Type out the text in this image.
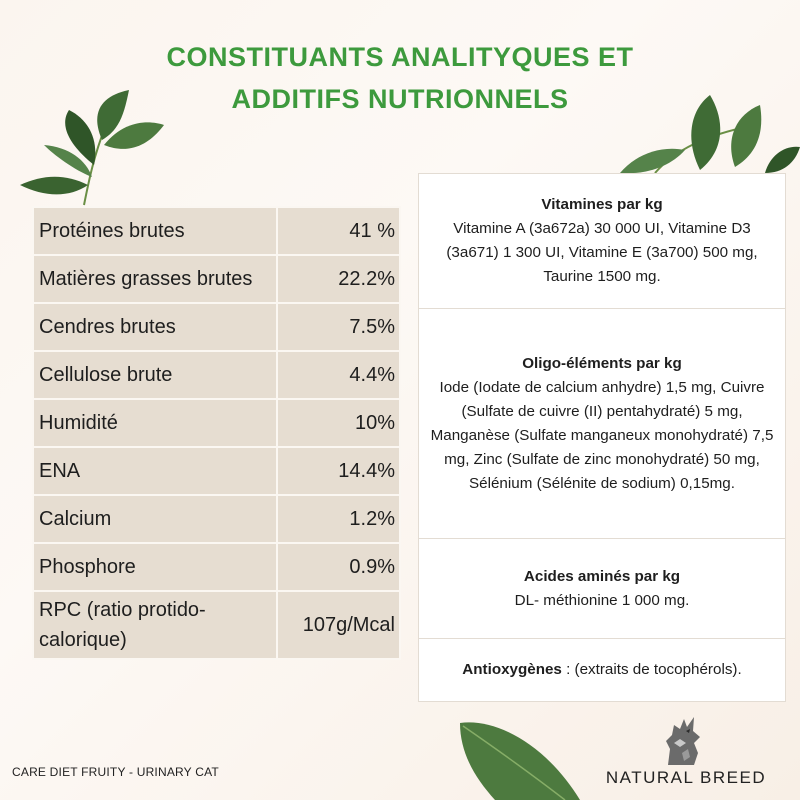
CONSTITUANTS ANALITYQUES ET
ADDITIFS NUTRIONNELS
Protéines brutes	41 %
Matières grasses brutes	22.2%
Cendres brutes	7.5%
Cellulose brute	4.4%
Humidité	10%
ENA	14.4%
Calcium	1.2%
Phosphore	0.9%
RPC (ratio protido-calorique)	107g/Mcal
Vitamines par kg
Vitamine A (3a672a) 30 000 UI, Vitamine D3 (3a671) 1 300 UI, Vitamine E (3a700) 500 mg, Taurine 1500 mg.
Oligo-éléments par kg
Iode (Iodate de calcium anhydre) 1,5 mg, Cuivre (Sulfate de cuivre (II) pentahydraté) 5 mg, Manganèse (Sulfate manganeux monohydraté) 7,5 mg, Zinc (Sulfate de zinc monohydraté) 50 mg, Sélénium (Sélénite de sodium) 0,15mg.
Acides aminés par kg
DL- méthionine 1 000 mg.
Antioxygènes : (extraits de tocophérols).
CARE DIET FRUITY - URINARY CAT	NATURAL BREED
